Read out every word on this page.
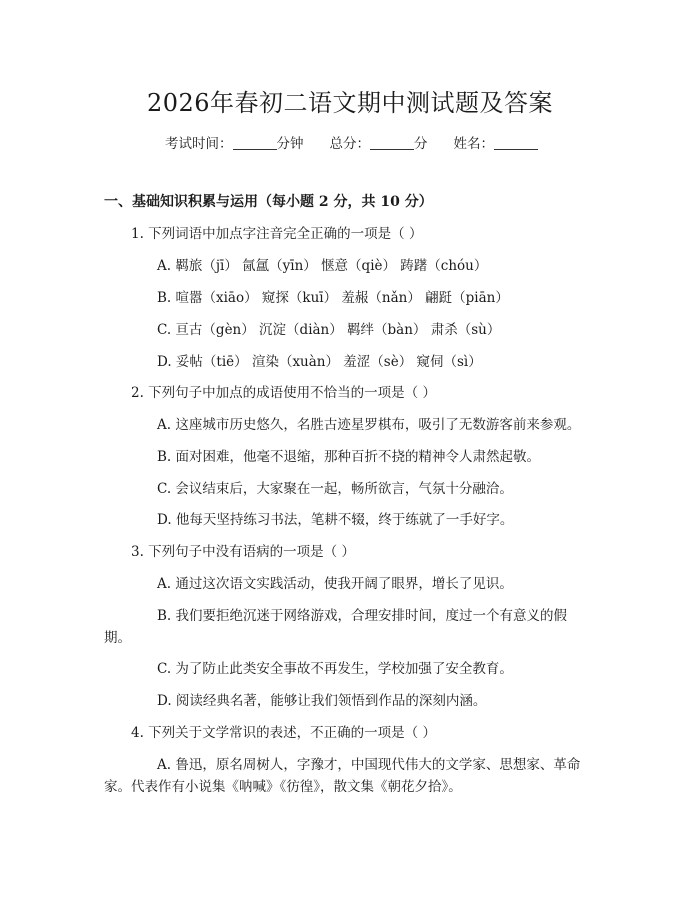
2026年春初二语文期中测试题及答案
考试时间：	分钟 总分：	分 姓名：
一、基础知识积累与运用（每小题 2 分，共 10 分）
1. 下列词语中加点字注音完全正确的一项是（ ）
A. 羁旅（jī） 氤氲（yīn） 惬意（qiè） 踌躇（chóu）
B. 喧嚣（xiāo） 窥探（kuī） 羞赧（nǎn） 翩跹（piān）
C. 亘古（gèn） 沉淀（diàn） 羁绊（bàn） 肃杀（sù）
D. 妥帖（tiē） 渲染（xuàn） 羞涩（sè） 窥伺（sì）
2. 下列句子中加点的成语使用不恰当的一项是（ ）
A. 这座城市历史悠久，名胜古迹星罗棋布，吸引了无数游客前来参观。
B. 面对困难，他毫不退缩，那种百折不挠的精神令人肃然起敬。
C. 会议结束后，大家聚在一起，畅所欲言，气氛十分融洽。
D. 他每天坚持练习书法，笔耕不辍，终于练就了一手好字。
3. 下列句子中没有语病的一项是（ ）
A. 通过这次语文实践活动，使我开阔了眼界，增长了见识。
B. 我们要拒绝沉迷于网络游戏，合理安排时间，度过一个有意义的假
期。
C. 为了防止此类安全事故不再发生，学校加强了安全教育。
D. 阅读经典名著，能够让我们领悟到作品的深刻内涵。
4. 下列关于文学常识的表述，不正确的一项是（ ）
A. 鲁迅，原名周树人，字豫才，中国现代伟大的文学家、思想家、革命
家。代表作有小说集《呐喊》《彷徨》，散文集《朝花夕拾》。
